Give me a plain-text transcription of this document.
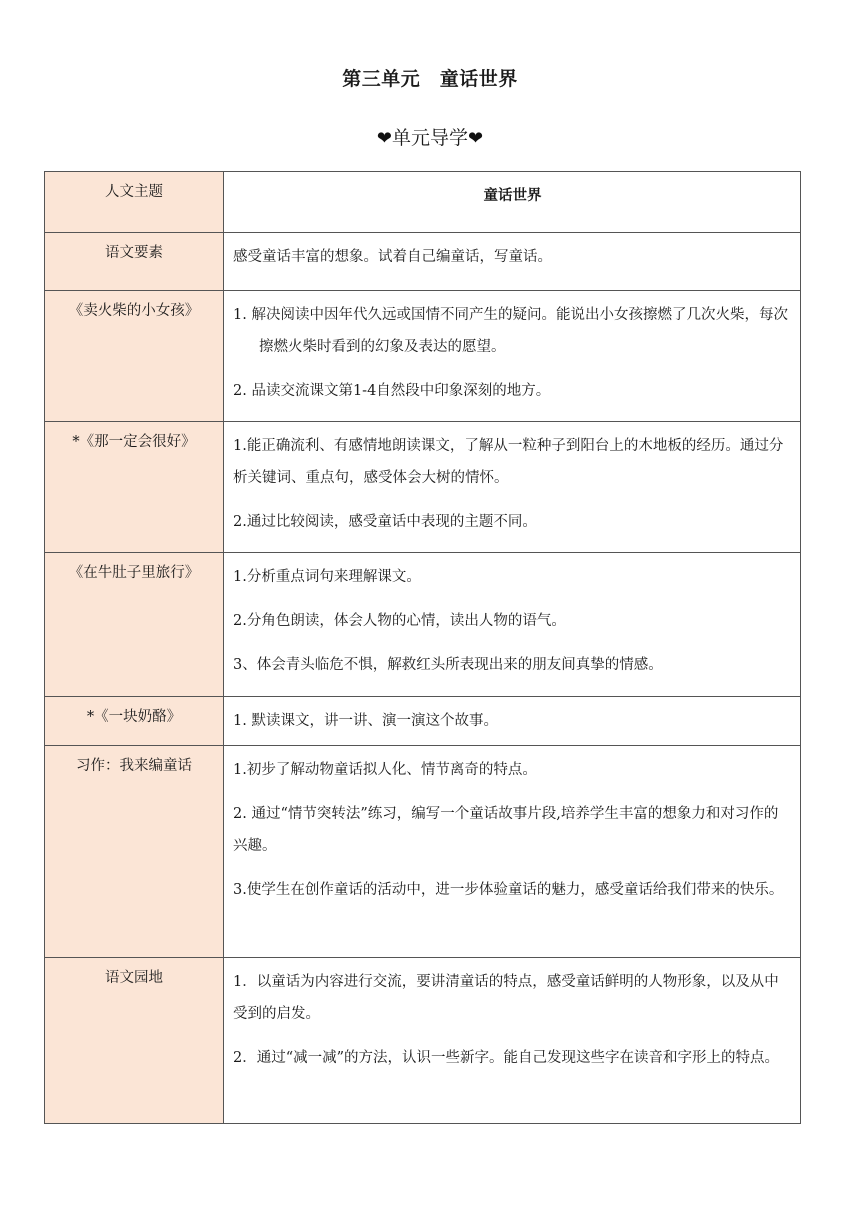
第三单元　童话世界
❤单元导学❤
人文主题	童话世界

语文要素	感受童话丰富的想象。试着自己编童话，写童话。

《卖火柴的小女孩》	1. 解决阅读中因年代久远或国情不同产生的疑问。能说出小女孩擦燃了几次火柴，每次擦燃火柴时看到的幻象及表达的愿望。

2. 品读交流课文第1-4自然段中印象深刻的地方。

*《那一定会很好》	1.能正确流利、有感情地朗读课文，了解从一粒种子到阳台上的木地板的经历。通过分析关键词、重点句，感受体会大树的情怀。

2.通过比较阅读，感受童话中表现的主题不同。

《在牛肚子里旅行》	1.分析重点词句来理解课文。

2.分角色朗读，体会人物的心情，读出人物的语气。

3、体会青头临危不惧，解救红头所表现出来的朋友间真挚的情感。

*《一块奶酪》	1. 默读课文，讲一讲、演一演这个故事。

习作：我来编童话	1.初步了解动物童话拟人化、情节离奇的特点。

2. 通过“情节突转法”练习，编写一个童话故事片段,培养学生丰富的想象力和对习作的兴趣。

3.使学生在创作童话的活动中，进一步体验童话的魅力，感受童话给我们带来的快乐。

语文园地	1．以童话为内容进行交流，要讲清童话的特点，感受童话鲜明的人物形象，以及从中受到的启发。

2．通过“减一减”的方法，认识一些新字。能自己发现这些字在读音和字形上的特点。
